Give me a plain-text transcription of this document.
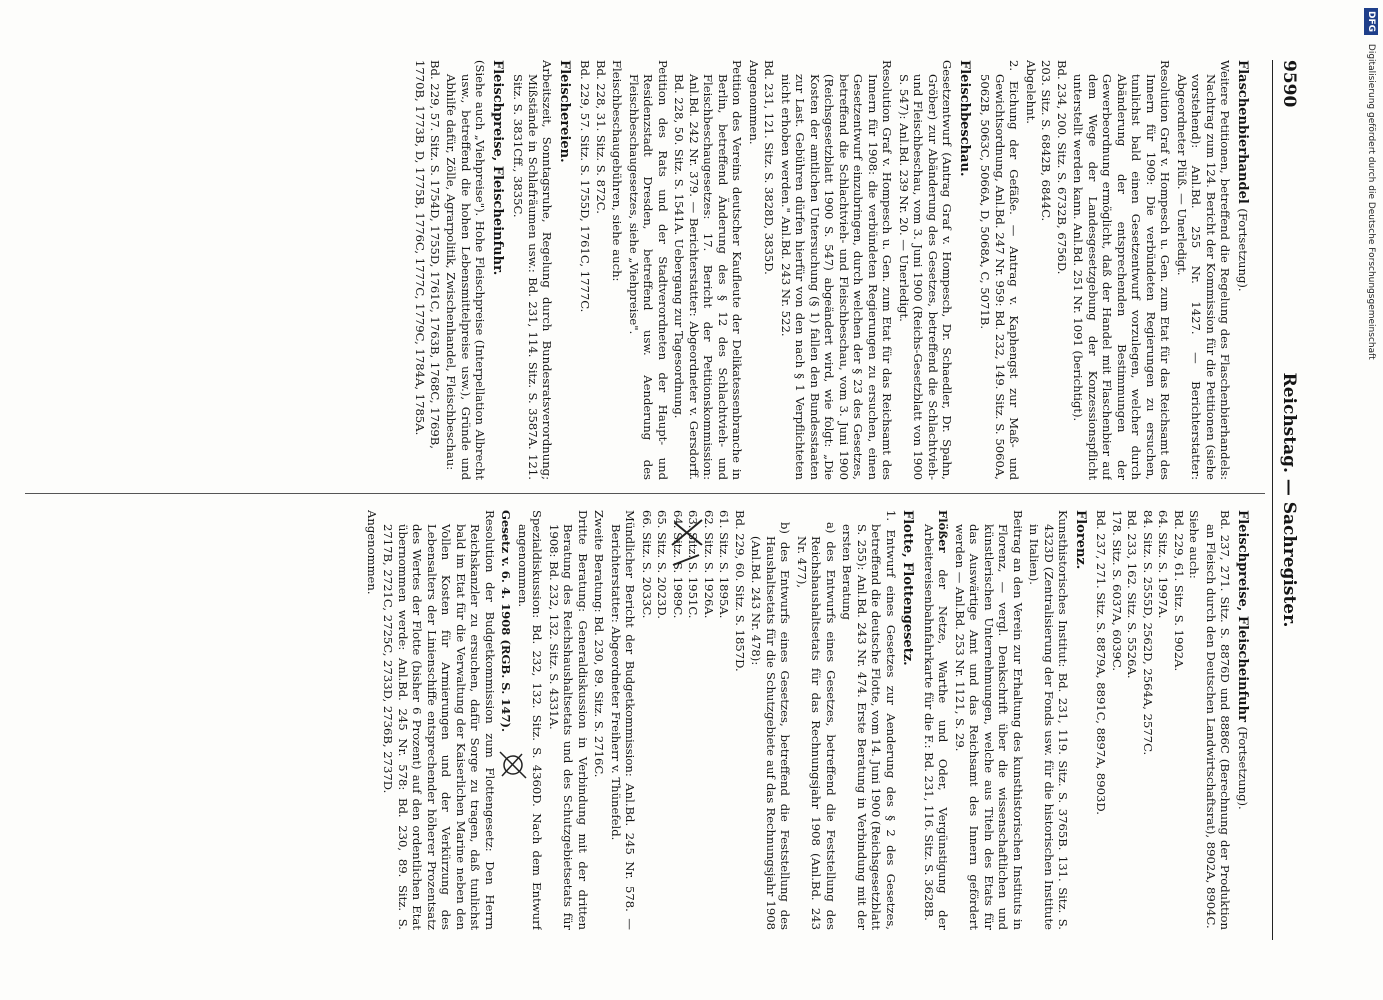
9590
Reichstag. — Sachregister.
Flaschenbierhandel (Fortsetzung).

Weitere Petitionen, betreffend die Regelung des Flaschenbierhandels: Nachtrag zum 124. Bericht der Kommission für die Petitionen (siehe vorstehend): Anl.Bd. 255 Nr. 1427. — Berichterstatter: Abgeordneter Plüß. — Unerledigt.

Resolution Graf v. Hompesch u. Gen. zum Etat für das Reichsamt des Innern für 1909: Die verbündeten Regierungen zu ersuchen, tunlichst bald einen Gesetzentwurf vorzulegen, welcher durch Abänderung der entsprechenden Bestimmungen der Gewerbeordnung ermöglicht, daß der Handel mit Flaschenbier auf dem Wege der Landesgesetzgebung der Konzessionspflicht unterstellt werden kann. Anl.Bd. 251 Nr. 1091 (berichtigt).

Bd. 234, 200. Sitz. S. 6732B, 6756D.

203. Sitz. S. 6842B, 6844C.

Abgelehnt.

2. Eichung der Gefäße. — Antrag v. Kaphengst zur Maß- und Gewichtsordnung, Anl.Bd. 247 Nr. 959: Bd. 232, 149. Sitz. S. 5060A, 5062B, 5063C, 5066A, D, 5068A, C, 5071B.

Fleischbeschau.

Gesetzentwurf (Antrag Graf v. Hompesch, Dr. Schaedler, Dr. Spahn, Gröber) zur Abänderung des Gesetzes, betreffend die Schlachtvieh- und Fleischbeschau, vom 3. Juni 1900 (Reichs-Gesetzblatt von 1900 S. 547): Anl.Bd. 239 Nr. 20. — Unerledigt.

Resolution Graf v. Hompesch u. Gen. zum Etat für das Reichsamt des Innern für 1908: die verbündeten Regierungen zu ersuchen, einen Gesetzentwurf einzubringen, durch welchen der § 23 des Gesetzes, betreffend die Schlachtvieh- und Fleischbeschau, vom 3. Juni 1900 (Reichsgesetzblatt 1900 S. 547) abgeändert wird, wie folgt: „Die Kosten der amtlichen Untersuchung (§ 1) fallen den Bundesstaaten zur Last. Gebühren dürfen hierfür von den nach § 1 Verpflichteten nicht erhoben werden." Anl.Bd. 243 Nr. 522.

Bd. 231, 121. Sitz. S. 3828D, 3835D.

Angenommen.

Petition des Vereins deutscher Kaufleute der Delikatessenbranche in Berlin, betreffend Änderung des § 12 des Schlachtvieh- und Fleischbeschaugesetzes: 17. Bericht der Petitionskommission: Anl.Bd. 242 Nr. 379. — Berichterstatter: Abgeordneter v. Gersdorff. Bd. 228, 50. Sitz. S. 1541A. Uebergang zur Tagesordnung.

Petition des Rats und der Stadtverordneten der Haupt- und Residenzstadt Dresden, betreffend usw. Aenderung des Fleischbeschaugesetzes, siehe „Viehpreise".

Fleischbeschaugebühren, siehe auch:

Bd. 228, 31. Sitz. S. 872C.

Bd. 229, 57. Sitz. S. 1755D, 1761C, 1777C.

Fleischereien.

Arbeitszeit, Sonntagsruhe, Regelung durch Bundesratsverordnung; Mißstände in Schlafräumen usw.: Bd. 231, 114. Sitz. S. 3587A. 121. Sitz. S. 3831Cff., 3835C.

Fleischpreise, Fleischeinfuhr.

(Siehe auch „Viehpreise"). Hohe Fleischpreise (Interpellation Albrecht usw., betreffend die hohen Lebensmittelpreise usw.), Gründe und Abhilfe dafür, Zölle, Agrarpolitik, Zwischenhandel, Fleischbeschau:

Bd. 229, 57. Sitz. S. 1754D, 1755D, 1761C, 1763B, 1768C, 1769B, 1770B, 1773B, D, 1775B, 1776C, 1777C, 1779C, 1784A, 1785A.

Fleischpreise, Fleischeinfuhr (Fortsetzung).

Bd. 237, 271. Sitz. S. 8876D und 8886C (Berechnung der Produktion an Fleisch durch den Deutschen Landwirtschaftsrat), 8902A, 8904C.

Siehe auch:

Bd. 229, 61. Sitz. S. 1902A.

64. Sitz. S. 1997A.

84. Sitz. S. 2555D, 2562D, 2564A, 2577C.

Bd. 233, 162. Sitz. S. 5526A.

178. Sitz. S. 6037A, 6039C.

Bd. 237, 271. Sitz. S. 8879A, 8891C, 8897A, 8903D.

Florenz.

Kunsthistorisches Institut: Bd. 231, 119. Sitz. S. 3765B. 131. Sitz. S. 4323D (Zentralisierung der Fonds usw. für die historischen Institute in Italien).

Beitrag an den Verein zur Erhaltung des kunsthistorischen Instituts in Florenz, — vergl. Denkschrift über die wissenschaftlichen und künstlerischen Unternehmungen, welche aus Titeln des Etats für das Auswärtige Amt und das Reichsamt des Innern gefördert werden — Anl.Bd. 253 Nr. 1121, S. 29.

Flößer der Netze, Warthe und Oder, Vergünstigung der Arbeitereisenbahnfahrkarte für die F.: Bd. 231, 116. Sitz. S. 3628B.

Flotte, Flottengesetz.

1. Entwurf eines Gesetzes zur Aenderung des § 2 des Gesetzes, betreffend die deutsche Flotte, vom 14. Juni 1900 (Reichsgesetzblatt S. 255): Anl.Bd. 243 Nr. 474. Erste Beratung in Verbindung mit der ersten Beratung

a) des Entwurfs eines Gesetzes, betreffend die Feststellung des Reichshaushaltsetats für das Rechnungsjahr 1908 (Anl.Bd. 243 Nr. 477),

b) des Entwurfs eines Gesetzes, betreffend die Feststellung des Haushaltsetats für die Schutzgebiete auf das Rechnungsjahr 1908 (Anl.Bd. 243 Nr. 478):

Bd. 229, 60. Sitz. S. 1857D.

61. Sitz. S. 1895A.

62. Sitz. S. 1926A.

63. Sitz. S. 1951C.

64. Sitz. S. 1989C.

65. Sitz. S. 2023D.

66. Sitz. S. 2033C.

Mündlicher Bericht der Budgetkommission: Anl.Bd. 245 Nr. 578. — Berichterstatter: Abgeordneter Freiherr v. Thünefeld.

Zweite Beratung: Bd. 230, 89. Sitz. S. 2716C.

Dritte Beratung: Generaldiskussion in Verbindung mit der dritten Beratung des Reichshaushaltsetats und des Schutzgebietsetats für 1908: Bd. 232, 132. Sitz. S. 4331A.

Spezialdiskussion: Bd. 232, 132. Sitz. S. 4360D. Nach dem Entwurf angenommen.

Gesetz v. 6. 4. 1908 (RGB. S. 147).

Resolution der Budgetkommission zum Flottengesetz: Den Herrn Reichskanzler zu ersuchen, dafür Sorge zu tragen, daß tunlichst bald im Etat für die Verwaltung der Kaiserlichen Marine neben den Vollen Kosten für Armierungen und der Verkürzung des Lebensalters der Linienschiffe entsprechender höherer Prozentsatz des Wertes der Flotte (bisher 6 Prozent) auf den ordentlichen Etat übernommen werde: Anl.Bd. 245 Nr. 578: Bd. 230, 89. Sitz. S. 2717B, 2721C, 2725C, 2733D, 2736B, 2737D.

Angenommen.

DFG Digitalisierung gefördert durch die Deutsche Forschungsgemeinschaft
